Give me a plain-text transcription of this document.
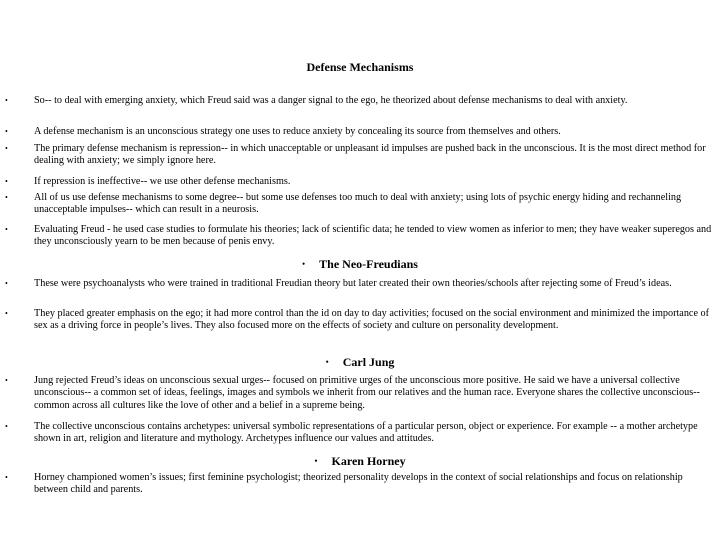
Defense Mechanisms
•	So-- to deal with emerging anxiety, which Freud said was a danger signal to the ego, he theorized about defense mechanisms to deal with anxiety.
•	A defense mechanism is an unconscious strategy one uses to reduce anxiety by concealing its source from themselves and others.
•	The primary defense mechanism is repression-- in which unacceptable or unpleasant id impulses are pushed back in the unconscious. It is the most direct method for dealing with anxiety; we simply ignore here.
•	If repression is ineffective-- we use other defense mechanisms.
•	All of us use defense mechanisms to some degree-- but some use defenses too much to deal with anxiety; using lots of psychic energy hiding and rechanneling unacceptable impulses-- which can result in a neurosis.
•	Evaluating Freud - he used case studies to formulate his theories; lack of scientific data; he tended to view women as inferior to men; they have weaker superegos and they unconsciously yearn to be men because of penis envy.
• The Neo-Freudians
•	These were psychoanalysts who were trained in traditional Freudian theory but later created their own theories/schools after rejecting some of Freud’s ideas.
•	They placed greater emphasis on the ego; it had more control than the id on day to day activities; focused on the social environment and minimized the importance of sex as a driving force in people’s lives. They also focused more on the effects of society and culture on personality development.
• Carl Jung
•	Jung rejected Freud’s ideas on unconscious sexual urges-- focused on primitive urges of the unconscious more positive. He said we have a universal collective unconscious-- a common set of ideas, feelings, images and symbols we inherit from our relatives and the human race. Everyone shares the collective unconscious-- common across all cultures like the love of other and a belief in a supreme being.
•	The collective unconscious contains archetypes: universal symbolic representations of a particular person, object or experience. For example -- a mother archetype shown in art, religion and literature and mythology. Archetypes influence our values and attitudes.
• Karen Horney
•	Horney championed women’s issues; first feminine psychologist; theorized personality develops in the context of social relationships and focus on relationship between child and parents.
